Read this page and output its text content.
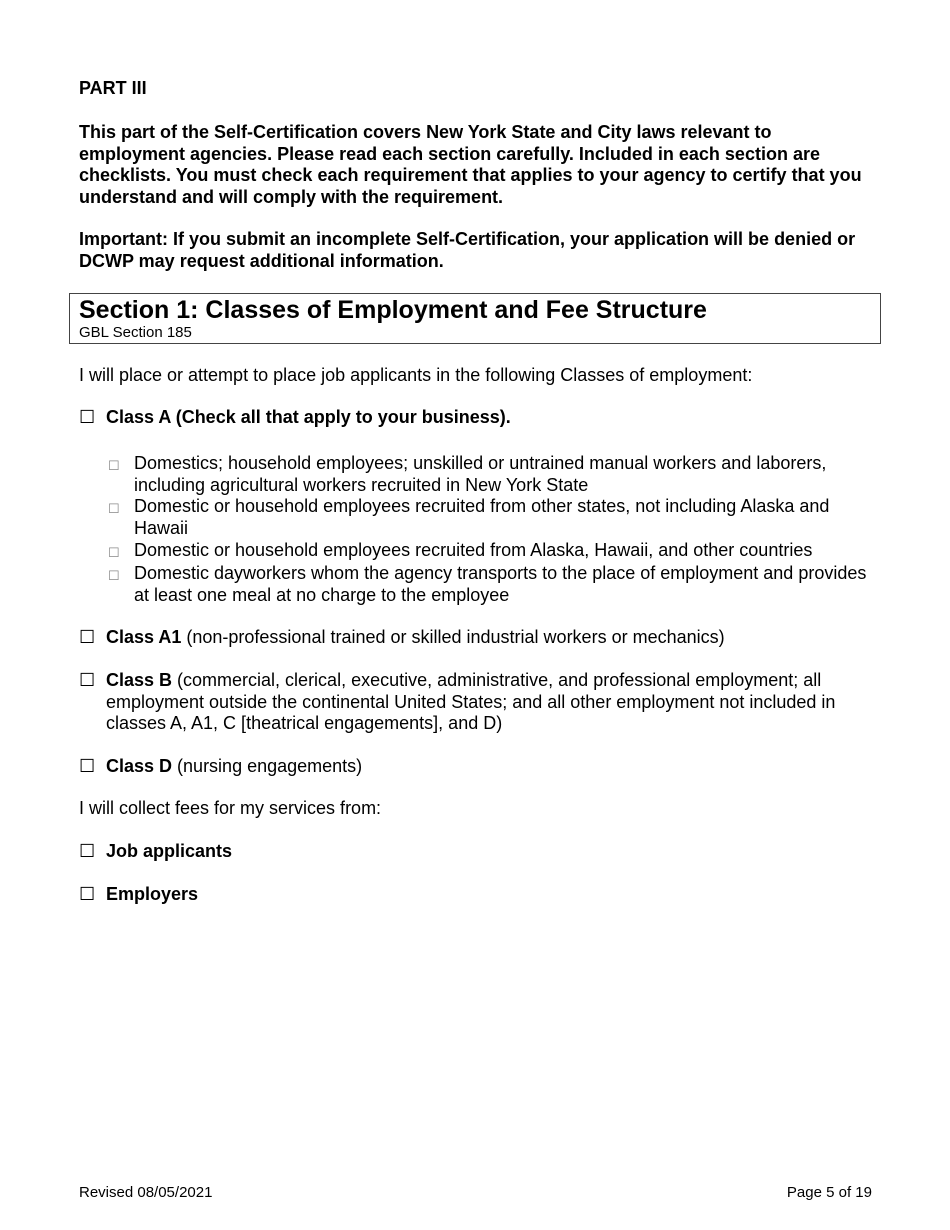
PART III
This part of the Self-Certification covers New York State and City laws relevant to employment agencies. Please read each section carefully. Included in each section are checklists. You must check each requirement that applies to your agency to certify that you understand and will comply with the requirement.
Important: If you submit an incomplete Self-Certification, your application will be denied or DCWP may request additional information.
Section 1: Classes of Employment and Fee Structure
GBL Section 185
I will place or attempt to place job applicants in the following Classes of employment:
☐ Class A (Check all that apply to your business).
☐ Domestics; household employees; unskilled or untrained manual workers and laborers, including agricultural workers recruited in New York State
☐ Domestic or household employees recruited from other states, not including Alaska and Hawaii
☐ Domestic or household employees recruited from Alaska, Hawaii, and other countries
☐ Domestic dayworkers whom the agency transports to the place of employment and provides at least one meal at no charge to the employee
☐ Class A1 (non-professional trained or skilled industrial workers or mechanics)
☐ Class B (commercial, clerical, executive, administrative, and professional employment; all employment outside the continental United States; and all other employment not included in classes A, A1, C [theatrical engagements], and D)
☐ Class D (nursing engagements)
I will collect fees for my services from:
☐ Job applicants
☐ Employers
Revised 08/05/2021	Page 5 of 19
